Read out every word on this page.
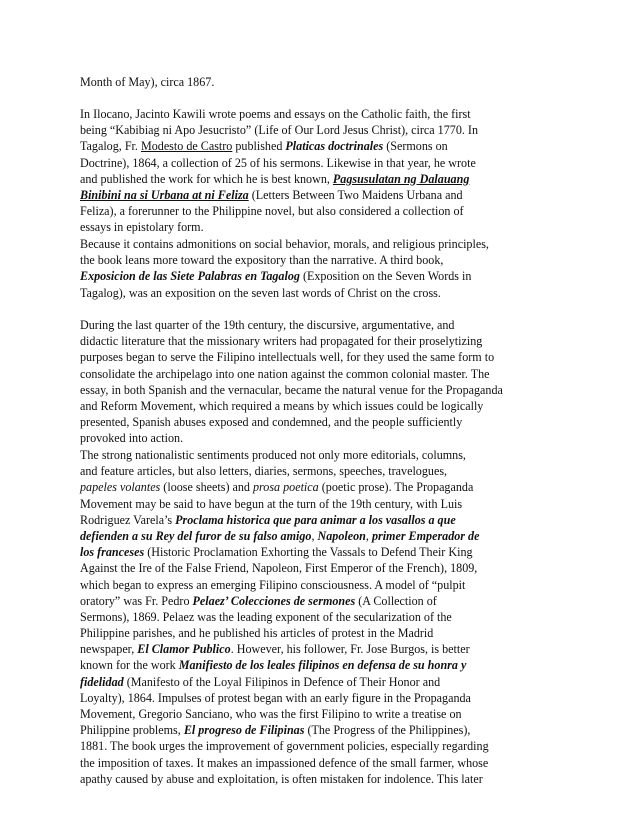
Month of May), circa 1867.
In Ilocano, Jacinto Kawili wrote poems and essays on the Catholic faith, the first
being “Kabibiag ni Apo Jesucristo” (Life of Our Lord Jesus Christ), circa 1770. In
Tagalog, Fr. Modesto de Castro published Platicas doctrinales (Sermons on
Doctrine), 1864, a collection of 25 of his sermons. Likewise in that year, he wrote
and published the work for which he is best known, Pagsusulatan ng Dalauang
Binibini na si Urbana at ni Feliza (Letters Between Two Maidens Urbana and
Feliza), a forerunner to the Philippine novel, but also considered a collection of
essays in epistolary form.
Because it contains admonitions on social behavior, morals, and religious principles,
the book leans more toward the expository than the narrative. A third book,
Exposicion de las Siete Palabras en Tagalog (Exposition on the Seven Words in
Tagalog), was an exposition on the seven last words of Christ on the cross.
During the last quarter of the 19th century, the discursive, argumentative, and
didactic literature that the missionary writers had propagated for their proselytizing
purposes began to serve the Filipino intellectuals well, for they used the same form to
consolidate the archipelago into one nation against the common colonial master. The
essay, in both Spanish and the vernacular, became the natural venue for the Propaganda
and Reform Movement, which required a means by which issues could be logically
presented, Spanish abuses exposed and condemned, and the people sufficiently
provoked into action.
The strong nationalistic sentiments produced not only more editorials, columns,
and feature articles, but also letters, diaries, sermons, speeches, travelogues,
papeles volantes (loose sheets) and prosa poetica (poetic prose). The Propaganda
Movement may be said to have begun at the turn of the 19th century, with Luis
Rodriguez Varela’s Proclama historica que para animar a los vasallos a que
defienden a su Rey del furor de su falso amigo, Napoleon, primer Emperador de
los franceses (Historic Proclamation Exhorting the Vassals to Defend Their King
Against the Ire of the False Friend, Napoleon, First Emperor of the French), 1809,
which began to express an emerging Filipino consciousness. A model of “pulpit
oratory” was Fr. Pedro Pelaez’ Colecciones de sermones (A Collection of
Sermons), 1869. Pelaez was the leading exponent of the secularization of the
Philippine parishes, and he published his articles of protest in the Madrid
newspaper, El Clamor Publico. However, his follower, Fr. Jose Burgos, is better
known for the work Manifiesto de los leales filipinos en defensa de su honra y
fidelidad (Manifesto of the Loyal Filipinos in Defence of Their Honor and
Loyalty), 1864. Impulses of protest began with an early figure in the Propaganda
Movement, Gregorio Sanciano, who was the first Filipino to write a treatise on
Philippine problems, El progreso de Filipinas (The Progress of the Philippines),
1881. The book urges the improvement of government policies, especially regarding
the imposition of taxes. It makes an impassioned defence of the small farmer, whose
apathy caused by abuse and exploitation, is often mistaken for indolence. This later
